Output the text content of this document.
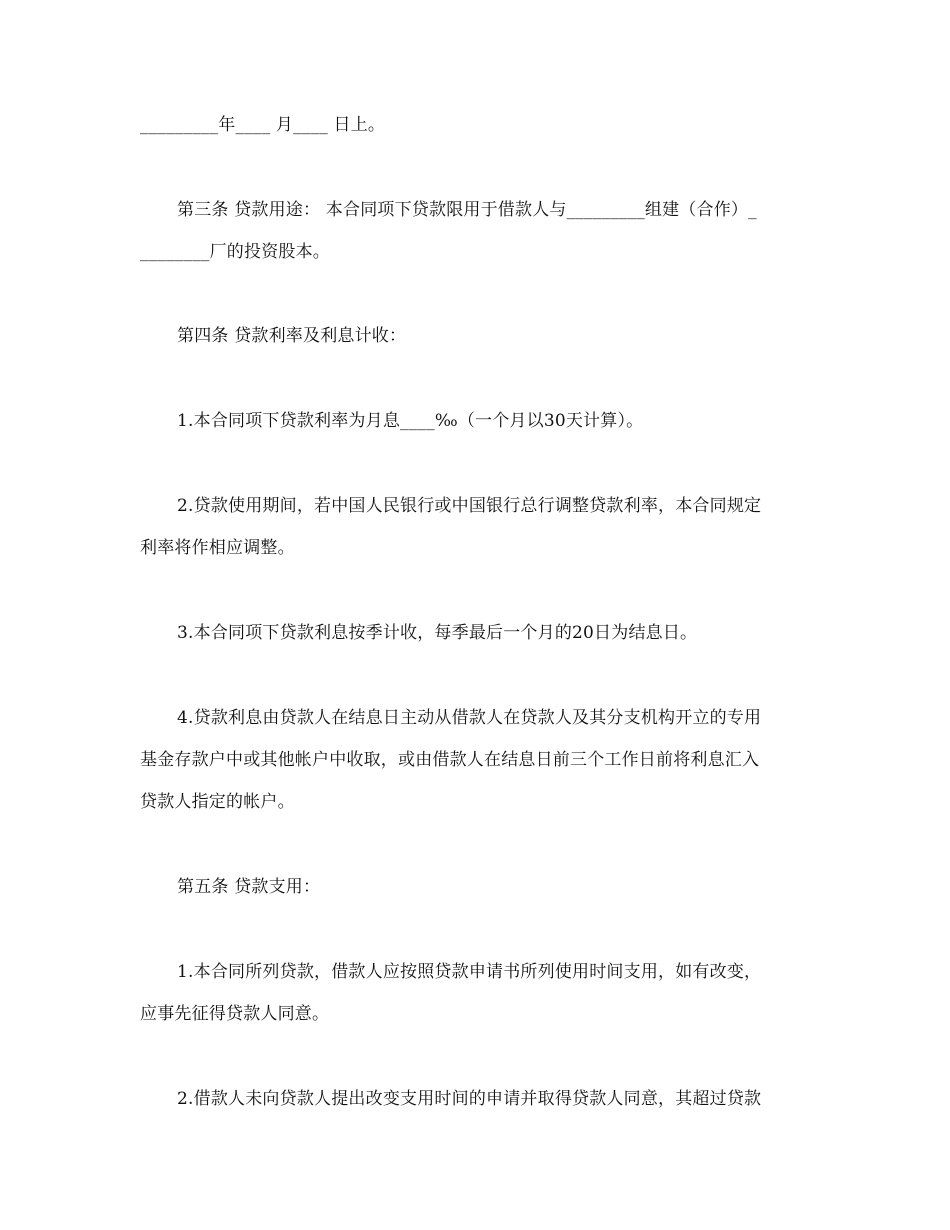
_________年____ 月____ 日上。
第三条 贷款用途： 本合同项下贷款限用于借款人与_________组建（合作）_
________厂的投资股本。
第四条 贷款利率及利息计收：
1.本合同项下贷款利率为月息____‰（一个月以30天计算）。
2.贷款使用期间，若中国人民银行或中国银行总行调整贷款利率，本合同规定
利率将作相应调整。
3.本合同项下贷款利息按季计收，每季最后一个月的20日为结息日。
4.贷款利息由贷款人在结息日主动从借款人在贷款人及其分支机构开立的专用
基金存款户中或其他帐户中收取，或由借款人在结息日前三个工作日前将利息汇入
贷款人指定的帐户。
第五条 贷款支用：
1.本合同所列贷款，借款人应按照贷款申请书所列使用时间支用，如有改变，
应事先征得贷款人同意。
2.借款人未向贷款人提出改变支用时间的申请并取得贷款人同意，其超过贷款
